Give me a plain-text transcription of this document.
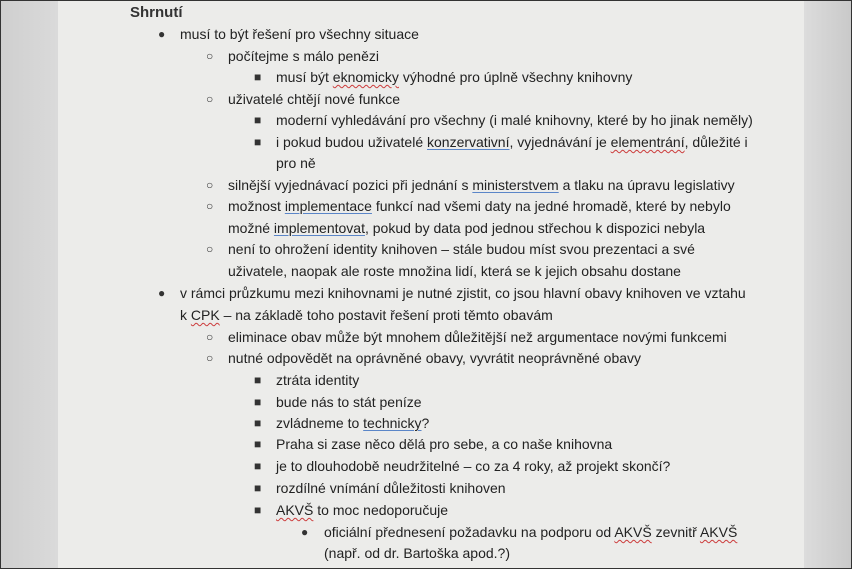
Shrnutí
● musí to být řešení pro všechny situace
○ počítejme s málo penězi
■ musí být eknomicky výhodné pro úplně všechny knihovny
○ uživatelé chtějí nové funkce
■ moderní vyhledávání pro všechny (i malé knihovny, které by ho jinak neměly)
■ i pokud budou uživatelé konzervativní, vyjednávání je elementrání, důležité i
pro ně
○ silnější vyjednávací pozici při jednání s ministerstvem a tlaku na úpravu legislativy
○ možnost implementace funkcí nad všemi daty na jedné hromadě, které by nebylo
možné implementovat, pokud by data pod jednou střechou k dispozici nebyla
○ není to ohrožení identity knihoven – stále budou míst svou prezentaci a své
uživatele, naopak ale roste množina lidí, která se k jejich obsahu dostane
● v rámci průzkumu mezi knihovnami je nutné zjistit, co jsou hlavní obavy knihoven ve vztahu
k CPK – na základě toho postavit řešení proti těmto obavám
○ eliminace obav může být mnohem důležitější než argumentace novými funkcemi
○ nutné odpovědět na oprávněné obavy, vyvrátit neoprávněné obavy
■ ztráta identity
■ bude nás to stát peníze
■ zvládneme to technicky?
■ Praha si zase něco dělá pro sebe, a co naše knihovna
■ je to dlouhodobě neudržitelné – co za 4 roky, až projekt skončí?
■ rozdílné vnímání důležitosti knihoven
■ AKVŠ to moc nedoporučuje
● oficiální přednesení požadavku na podporu od AKVŠ zevnitř AKVŠ
(např. od dr. Bartoška apod.?)
